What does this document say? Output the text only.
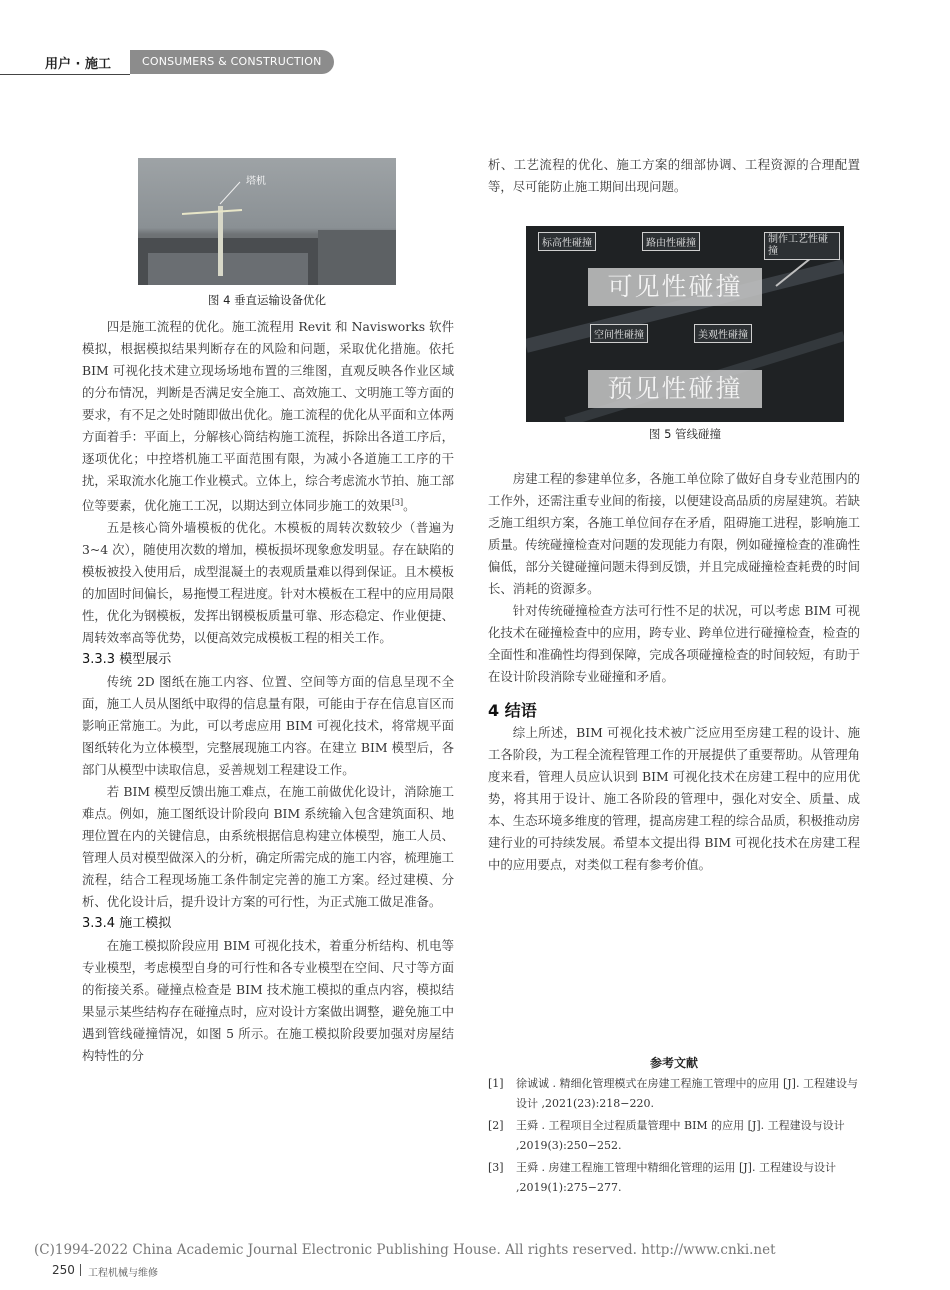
用户 · 施工	CONSUMERS & CONSTRUCTION
塔机
图 4 垂直运输设备优化

四是施工流程的优化。施工流程用 Revit 和 Navisworks 软件模拟，根据模拟结果判断存在的风险和问题，采取优化措施。依托 BIM 可视化技术建立现场场地布置的三维图，直观反映各作业区域的分布情况，判断是否满足安全施工、高效施工、文明施工等方面的要求，有不足之处时随即做出优化。施工流程的优化从平面和立体两方面着手：平面上，分解核心筒结构施工流程，拆除出各道工序后，逐项优化；中控塔机施工平面范围有限，为减小各道施工工序的干扰，采取流水化施工作业模式。立体上，综合考虑流水节拍、施工部位等要素，优化施工工况，以期达到立体同步施工的效果[3]。

五是核心筒外墙模板的优化。木模板的周转次数较少（普遍为 3~4 次），随使用次数的增加，模板损坏现象愈发明显。存在缺陷的模板被投入使用后，成型混凝土的表观质量难以得到保证。且木模板的加固时间偏长，易拖慢工程进度。针对木模板在工程中的应用局限性，优化为钢模板，发挥出钢模板质量可靠、形态稳定、作业便捷、周转效率高等优势，以便高效完成模板工程的相关工作。

3.3.3 模型展示

传统 2D 图纸在施工内容、位置、空间等方面的信息呈现不全面，施工人员从图纸中取得的信息量有限，可能由于存在信息盲区而影响正常施工。为此，可以考虑应用 BIM 可视化技术，将常规平面图纸转化为立体模型，完整展现施工内容。在建立 BIM 模型后，各部门从模型中读取信息，妥善规划工程建设工作。

若 BIM 模型反馈出施工难点，在施工前做优化设计，消除施工难点。例如，施工图纸设计阶段向 BIM 系统输入包含建筑面积、地理位置在内的关键信息，由系统根据信息构建立体模型，施工人员、管理人员对模型做深入的分析，确定所需完成的施工内容，梳理施工流程，结合工程现场施工条件制定完善的施工方案。经过建模、分析、优化设计后，提升设计方案的可行性，为正式施工做足准备。

3.3.4 施工模拟

在施工模拟阶段应用 BIM 可视化技术，着重分析结构、机电等专业模型，考虑模型自身的可行性和各专业模型在空间、尺寸等方面的衔接关系。碰撞点检查是 BIM 技术施工模拟的重点内容，模拟结果显示某些结构存在碰撞点时，应对设计方案做出调整，避免施工中遇到管线碰撞情况，如图 5 所示。在施工模拟阶段要加强对房屋结构特性的分

析、工艺流程的优化、施工方案的细部协调、工程资源的合理配置等，尽可能防止施工期间出现问题。

标高性碰撞	路由性碰撞	制作工艺性碰撞
可见性碰撞
空间性碰撞	美观性碰撞
预见性碰撞
图 5 管线碰撞

房建工程的参建单位多，各施工单位除了做好自身专业范围内的工作外，还需注重专业间的衔接，以便建设高品质的房屋建筑。若缺乏施工组织方案，各施工单位间存在矛盾，阻碍施工进程，影响施工质量。传统碰撞检查对问题的发现能力有限，例如碰撞检查的准确性偏低，部分关键碰撞问题未得到反馈，并且完成碰撞检查耗费的时间长、消耗的资源多。

针对传统碰撞检查方法可行性不足的状况，可以考虑 BIM 可视化技术在碰撞检查中的应用，跨专业、跨单位进行碰撞检查，检查的全面性和准确性均得到保障，完成各项碰撞检查的时间较短，有助于在设计阶段消除专业碰撞和矛盾。

4 结语

综上所述，BIM 可视化技术被广泛应用至房建工程的设计、施工各阶段，为工程全流程管理工作的开展提供了重要帮助。从管理角度来看，管理人员应认识到 BIM 可视化技术在房建工程中的应用优势，将其用于设计、施工各阶段的管理中，强化对安全、质量、成本、生态环境多维度的管理，提高房建工程的综合品质，积极推动房建行业的可持续发展。希望本文提出得 BIM 可视化技术在房建工程中的应用要点，对类似工程有参考价值。

参考文献
[1] 徐诚诚 . 精细化管理模式在房建工程施工管理中的应用 [J]. 工程建设与设计 ,2021(23):218−220.
[2] 王舜 . 工程项目全过程质量管理中 BIM 的应用 [J]. 工程建设与设计 ,2019(3):250−252.
[3] 王舜 . 房建工程施工管理中精细化管理的运用 [J]. 工程建设与设计 ,2019(1):275−277.
(C)1994-2022 China Academic Journal Electronic Publishing House. All rights reserved. http://www.cnki.net
250 工程机械与维修
